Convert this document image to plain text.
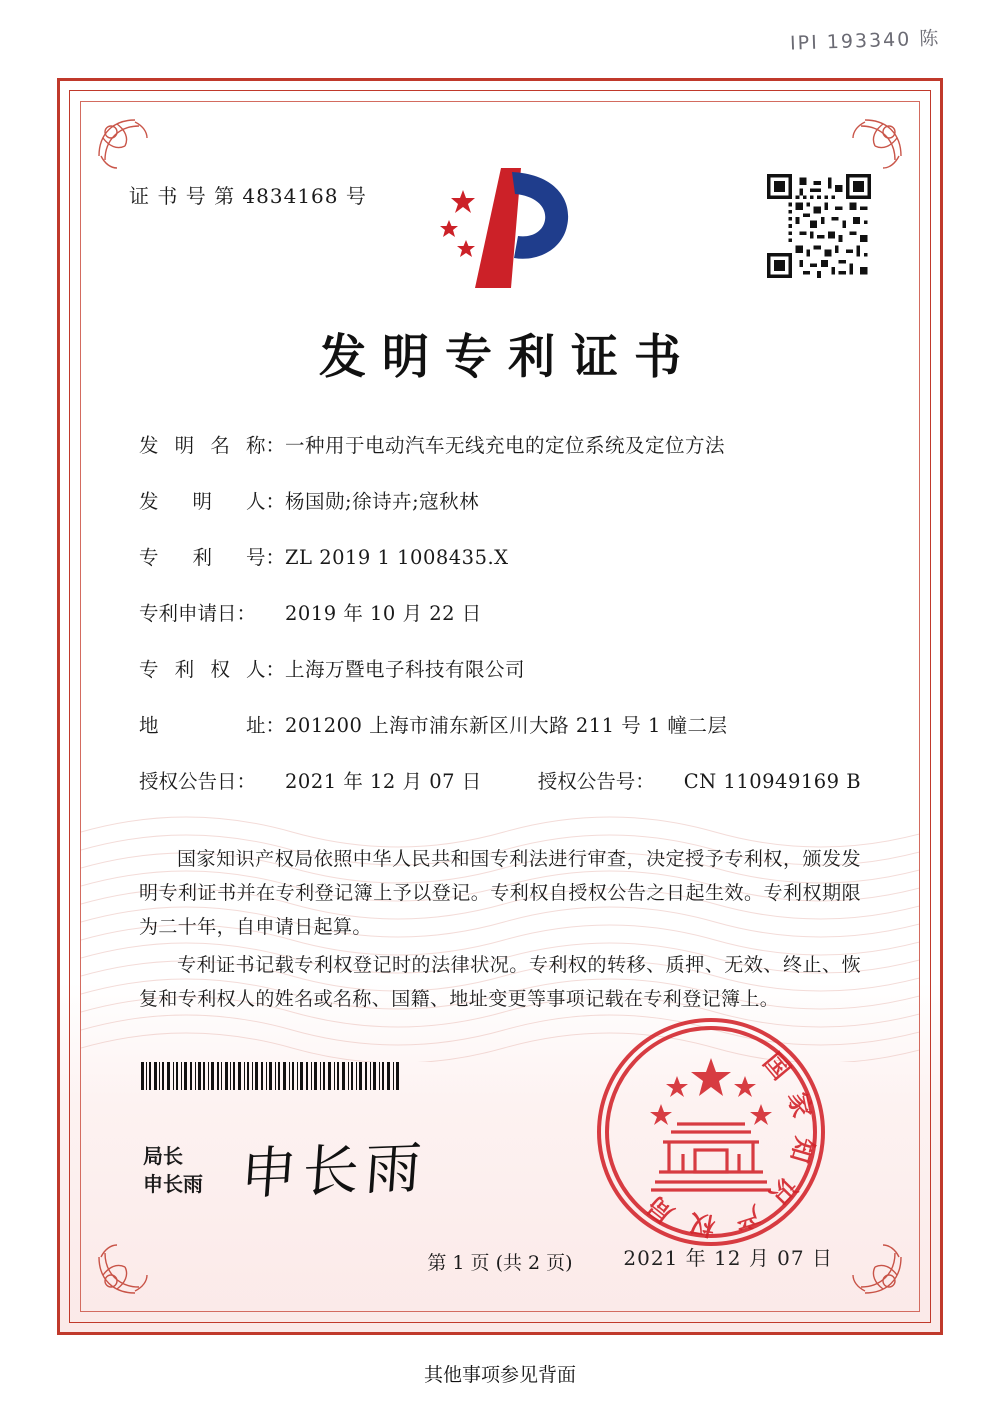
IPI 193340 陈
证 书 号 第 4834168 号
发明专利证书
发 明 名 称： 一种用于电动汽车无线充电的定位系统及定位方法
发 明 人： 杨国勋;徐诗卉;寇秋林
专 利 号： ZL 2019 1 1008435.X
专利申请日：	2019 年 10 月 22 日
专 利 权 人： 上海万暨电子科技有限公司
地	址： 201200 上海市浦东新区川大路 211 号 1 幢二层
授权公告日：	2021 年 12 月 07 日	授权公告号：	CN 110949169 B

国家知识产权局依照中华人民共和国专利法进行审查，决定授予专利权，颁发发明专利证书并在专利登记簿上予以登记。专利权自授权公告之日起生效。专利权期限为二十年，自申请日起算。

专利证书记载专利权登记时的法律状况。专利权的转移、质押、无效、终止、恢复和专利权人的姓名或名称、国籍、地址变更等事项记载在专利登记簿上。

局长
申长雨 申长雨
国家知识产权局
2021 年 12 月 07 日
第 1 页 (共 2 页)
其他事项参见背面
